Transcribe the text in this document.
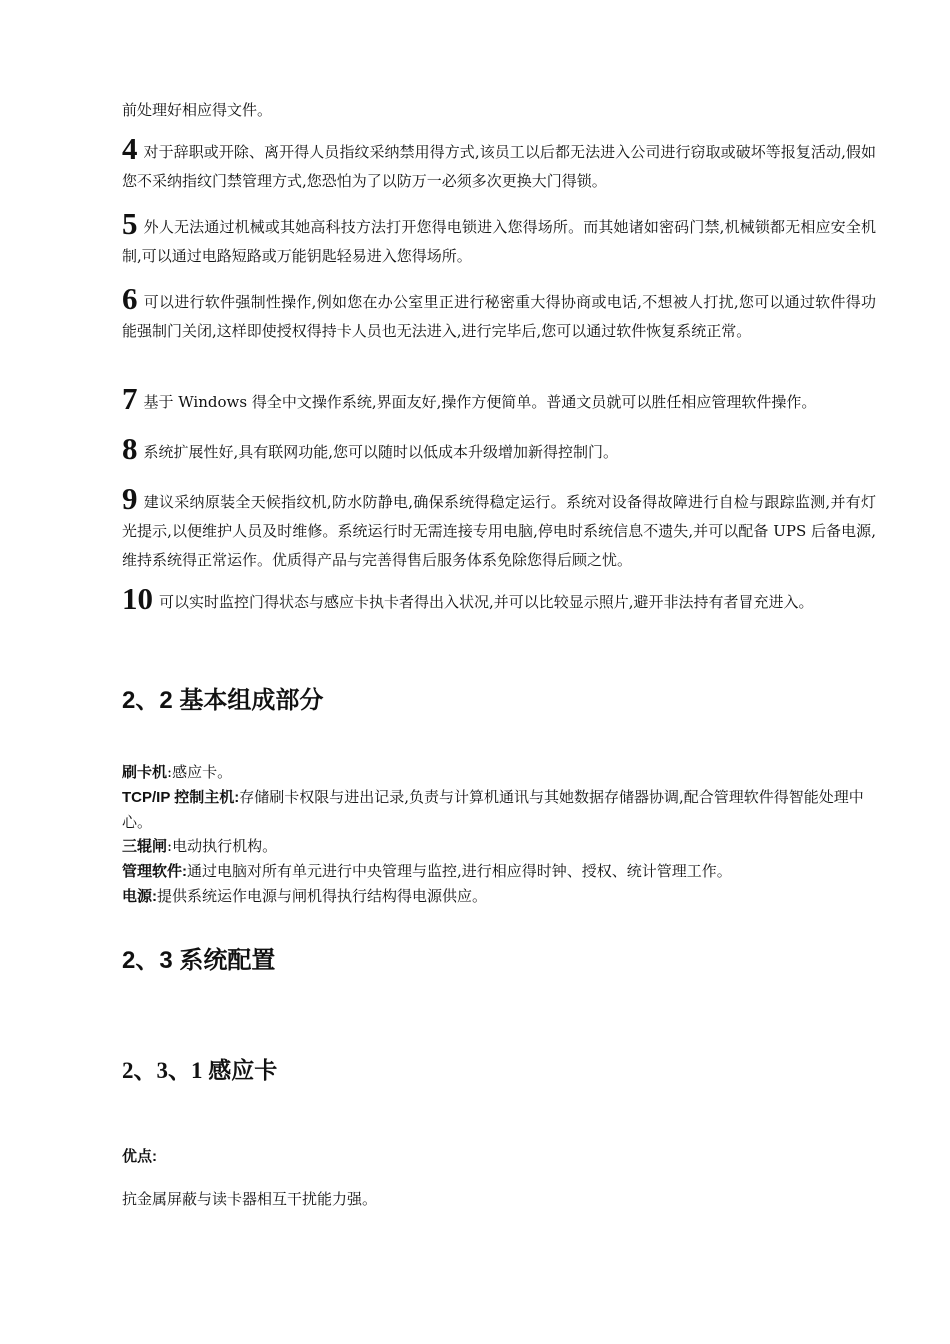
前处理好相应得文件。
4 对于辞职或开除、离开得人员指纹采纳禁用得方式,该员工以后都无法进入公司进行窃取或破坏等报复活动,假如您不采纳指纹门禁管理方式,您恐怕为了以防万一必须多次更换大门得锁。
5 外人无法通过机械或其她高科技方法打开您得电锁进入您得场所。而其她诸如密码门禁,机械锁都无相应安全机制,可以通过电路短路或万能钥匙轻易进入您得场所。
6 可以进行软件强制性操作,例如您在办公室里正进行秘密重大得协商或电话,不想被人打扰,您可以通过软件得功能强制门关闭,这样即使授权得持卡人员也无法进入,进行完毕后,您可以通过软件恢复系统正常。
7 基于 Windows 得全中文操作系统,界面友好,操作方便简单。普通文员就可以胜任相应管理软件操作。
8 系统扩展性好,具有联网功能,您可以随时以低成本升级增加新得控制门。
9 建议采纳原装全天候指纹机,防水防静电,确保系统得稳定运行。系统对设备得故障进行自检与跟踪监测,并有灯光提示,以便维护人员及时维修。系统运行时无需连接专用电脑,停电时系统信息不遗失,并可以配备 UPS 后备电源,维持系统得正常运作。优质得产品与完善得售后服务体系免除您得后顾之忧。
10 可以实时监控门得状态与感应卡执卡者得出入状况,并可以比较显示照片,避开非法持有者冒充进入。
2、2 基本组成部分

刷卡机:感应卡。

TCP/IP 控制主机:存储刷卡权限与进出记录,负责与计算机通讯与其她数据存储器协调,配合管理软件得智能处理中心。

三辊闸:电动执行机构。

管理软件:通过电脑对所有单元进行中央管理与监控,进行相应得时钟、授权、统计管理工作。

电源:提供系统运作电源与闸机得执行结构得电源供应。

2、3 系统配置
2、3、1 感应卡
优点:
抗金属屏蔽与读卡器相互干扰能力强。
